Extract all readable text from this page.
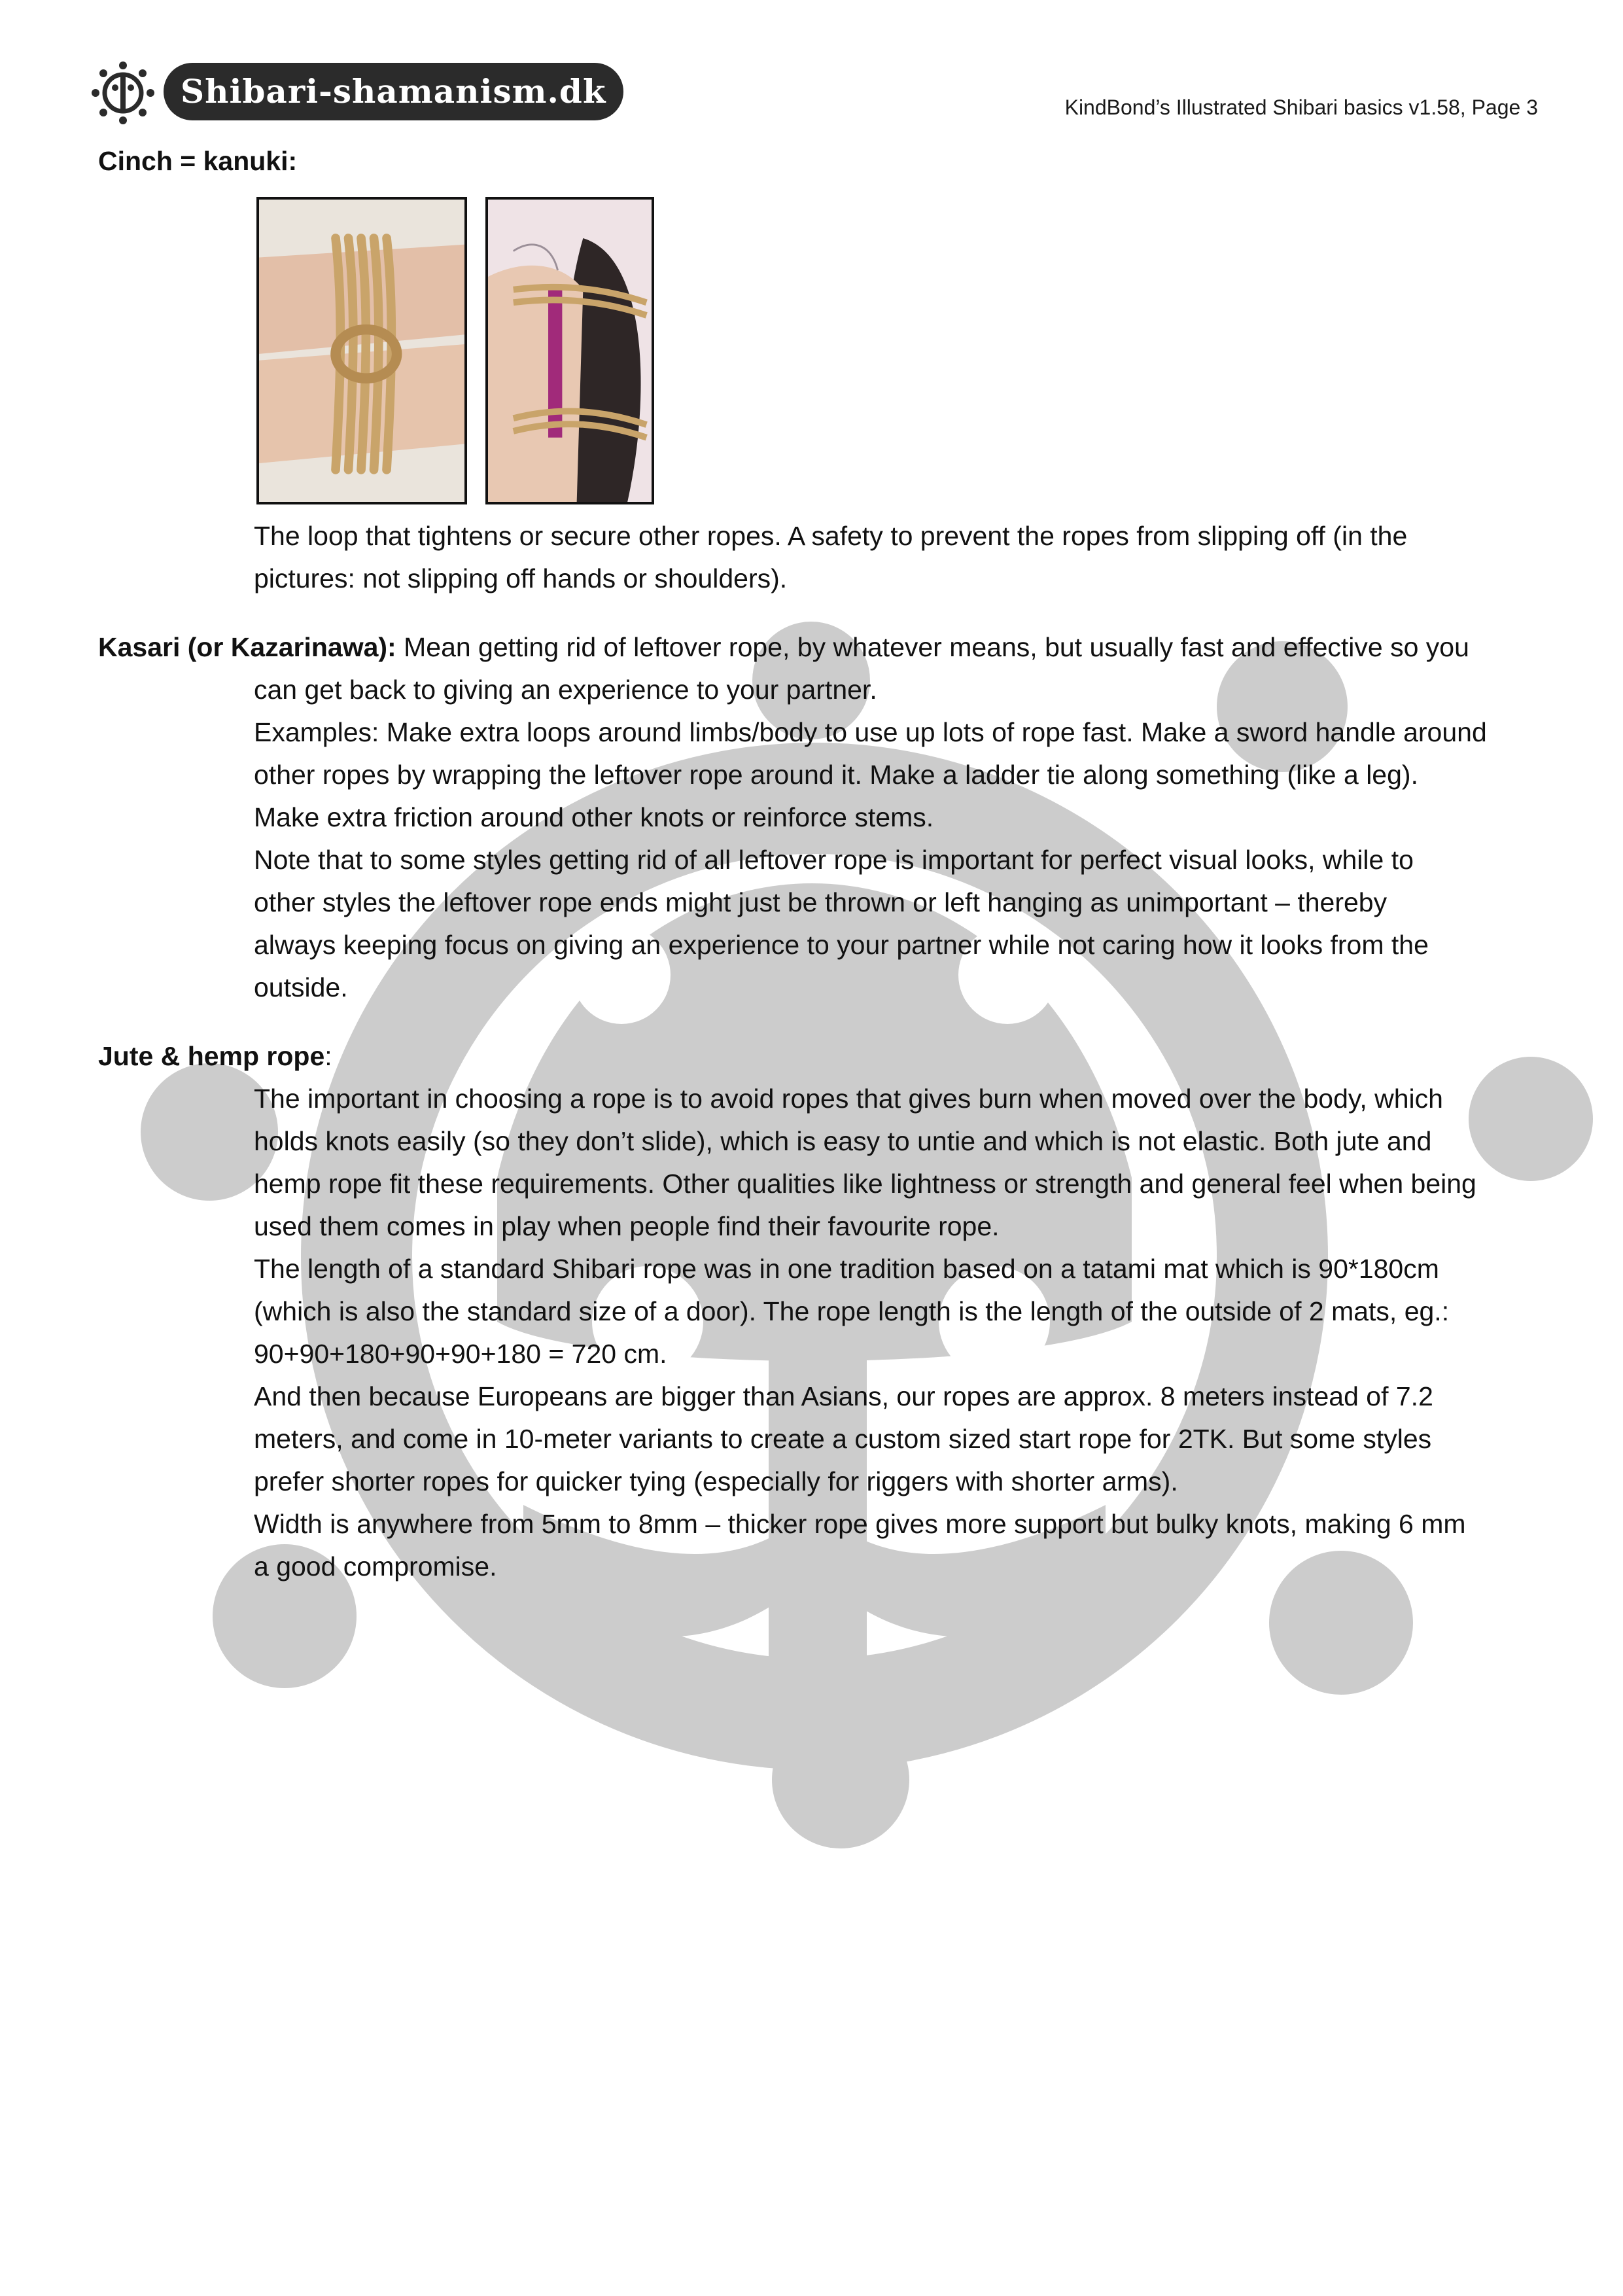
Shibari-shamanism.dk	KindBond’s Illustrated Shibari basics v1.58, Page 3

Cinch = kanuki:

The loop that tightens or secure other ropes. A safety to prevent the ropes from slipping off (in the

pictures: not slipping off hands or shoulders).

Kasari (or Kazarinawa): Mean getting rid of leftover rope, by whatever means, but usually fast and effective so you

can get back to giving an experience to your partner.

Examples: Make extra loops around limbs/body to use up lots of rope fast. Make a sword handle around

other ropes by wrapping the leftover rope around it. Make a ladder tie along something (like a leg).

Make extra friction around other knots or reinforce stems.

Note that to some styles getting rid of all leftover rope is important for perfect visual looks, while to

other styles the leftover rope ends might just be thrown or left hanging as unimportant – thereby

always keeping focus on giving an experience to your partner while not caring how it looks from the

outside.

Jute & hemp rope:

The important in choosing a rope is to avoid ropes that gives burn when moved over the body, which

holds knots easily (so they don’t slide), which is easy to untie and which is not elastic. Both jute and

hemp rope fit these requirements. Other qualities like lightness or strength and general feel when being

used them comes in play when people find their favourite rope.

The length of a standard Shibari rope was in one tradition based on a tatami mat which is 90*180cm

(which is also the standard size of a door). The rope length is the length of the outside of 2 mats, eg.:

90+90+180+90+90+180 = 720 cm.

And then because Europeans are bigger than Asians, our ropes are approx. 8 meters instead of 7.2

meters, and come in 10-meter variants to create a custom sized start rope for 2TK. But some styles

prefer shorter ropes for quicker tying (especially for riggers with shorter arms).

Width is anywhere from 5mm to 8mm – thicker rope gives more support but bulky knots, making 6 mm

a good compromise.
